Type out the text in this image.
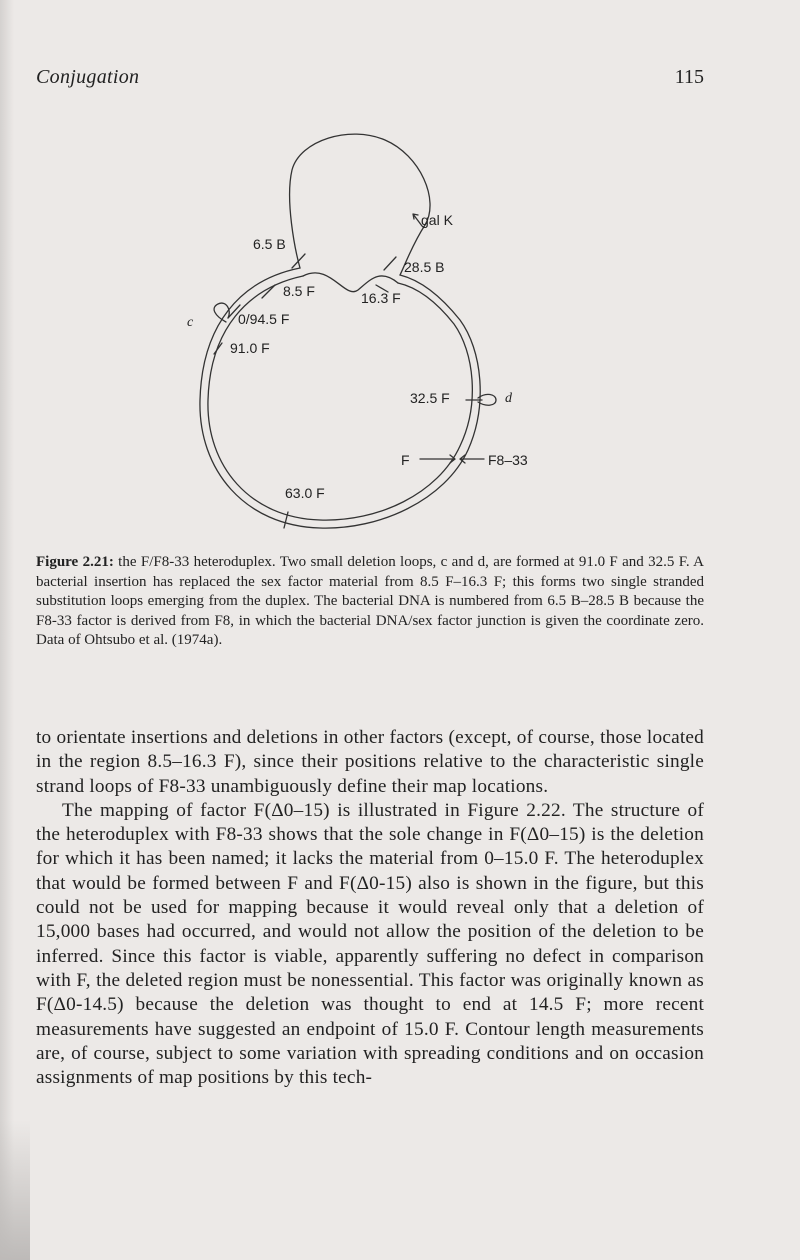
Conjugation	115
6.5 B
gal K
28.5 B
8.5 F	16.3 F
0/94.5 F
91.0 F
32.5 F
F	F8–33
63.0 F
c
d
Figure 2.21: the F/F8-33 heteroduplex. Two small deletion loops, c and d, are formed at 91.0 F and 32.5 F. A bacterial insertion has replaced the sex factor material from 8.5 F–16.3 F; this forms two single stranded substitution loops emerging from the duplex. The bacterial DNA is numbered from 6.5 B–28.5 B because the F8-33 factor is derived from F8, in which the bacterial DNA/sex factor junction is given the coordinate zero. Data of Ohtsubo et al. (1974a).

to orientate insertions and deletions in other factors (except, of course, those located in the region 8.5–16.3 F), since their positions relative to the characteristic single strand loops of F8-33 unambiguously define their map locations.

The mapping of factor F(Δ0–15) is illustrated in Figure 2.22. The structure of the heteroduplex with F8-33 shows that the sole change in F(Δ0–15) is the deletion for which it has been named; it lacks the material from 0–15.0 F. The heteroduplex that would be formed between F and F(Δ0-15) also is shown in the figure, but this could not be used for mapping because it would reveal only that a deletion of 15,000 bases had occurred, and would not allow the position of the deletion to be inferred. Since this factor is viable, apparently suffering no defect in comparison with F, the deleted region must be nonessential. This factor was originally known as F(Δ0-14.5) because the deletion was thought to end at 14.5 F; more recent measurements have suggested an endpoint of 15.0 F. Contour length measurements are, of course, subject to some variation with spreading conditions and on occasion assignments of map positions by this tech-
